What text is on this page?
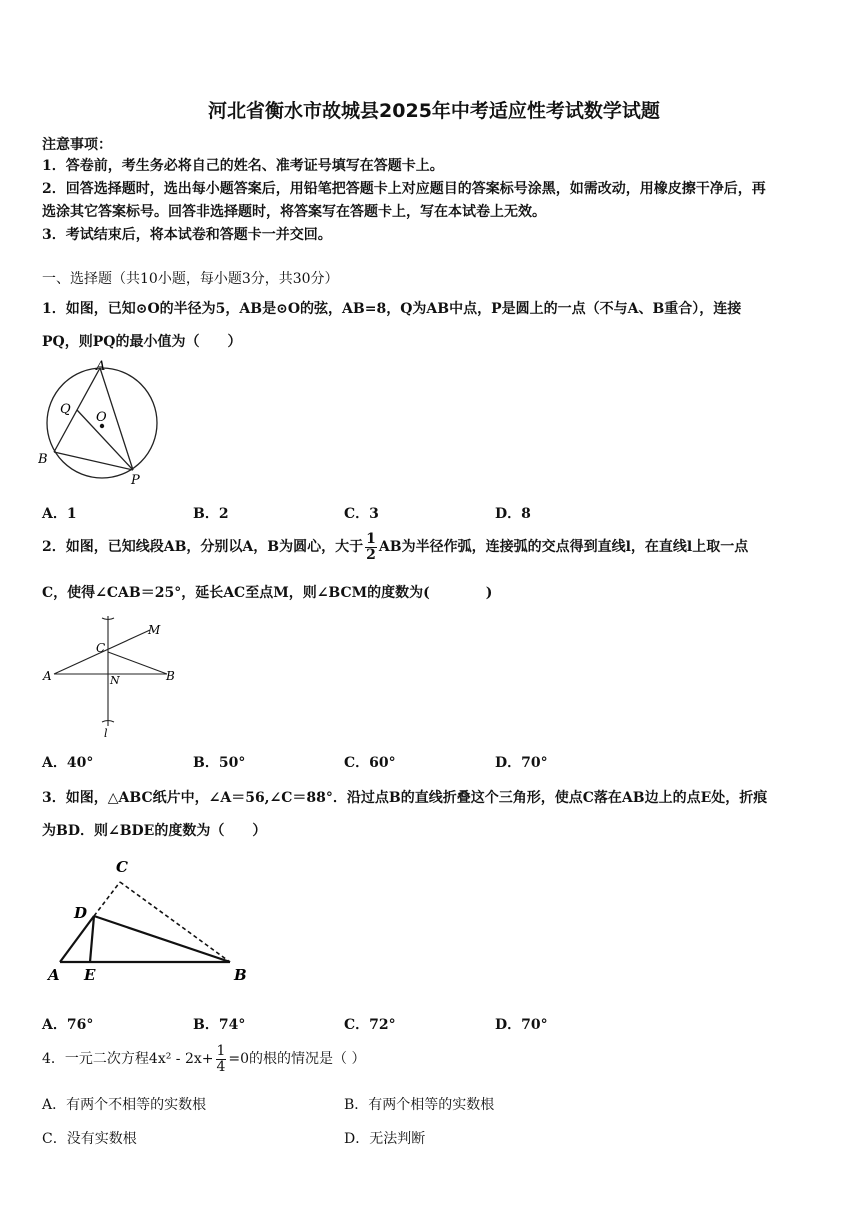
河北省衡水市故城县2025年中考适应性考试数学试题
注意事项：
1．答卷前，考生务必将自己的姓名、准考证号填写在答题卡上。
2．回答选择题时，选出每小题答案后，用铅笔把答题卡上对应题目的答案标号涂黑，如需改动，用橡皮擦干净后，再
选涂其它答案标号。回答非选择题时，将答案写在答题卡上，写在本试卷上无效。
3．考试结束后，将本试卷和答题卡一并交回。
一、选择题（共10小题，每小题3分，共30分）
1．如图，已知⊙O的半径为5，AB是⊙O的弦，AB=8，Q为AB中点，P是圆上的一点（不与A、B重合），连接
PQ，则PQ的最小值为（　　）
A
B
O
Q
P
A．1	B．2	C．3	D．8
2．如图，已知线段AB，分别以A，B为圆心，大于 $\frac{1}{2}$ AB为半径作弧，连接弧的交点得到直线l，在直线l上取一点
C，使得∠CAB＝25°，延长AC至点M，则∠BCM的度数为(　　　　)
A	B
C
M
N
l
A．40°	B．50°	C．60°	D．70°
3．如图，△ABC纸片中，∠A＝56,∠C＝88°．沿过点B的直线折叠这个三角形，使点C落在AB边上的点E处，折痕
为BD．则∠BDE的度数为（　　）
A E	B
D
C
A．76°	B．74°	C．72°	D．70°
4．一元二次方程$4x^2 - 2x+ \frac{1}{4} =0$的根的情况是（ ）
A．有两个不相等的实数根	B．有两个相等的实数根
C．没有实数根	D．无法判断
